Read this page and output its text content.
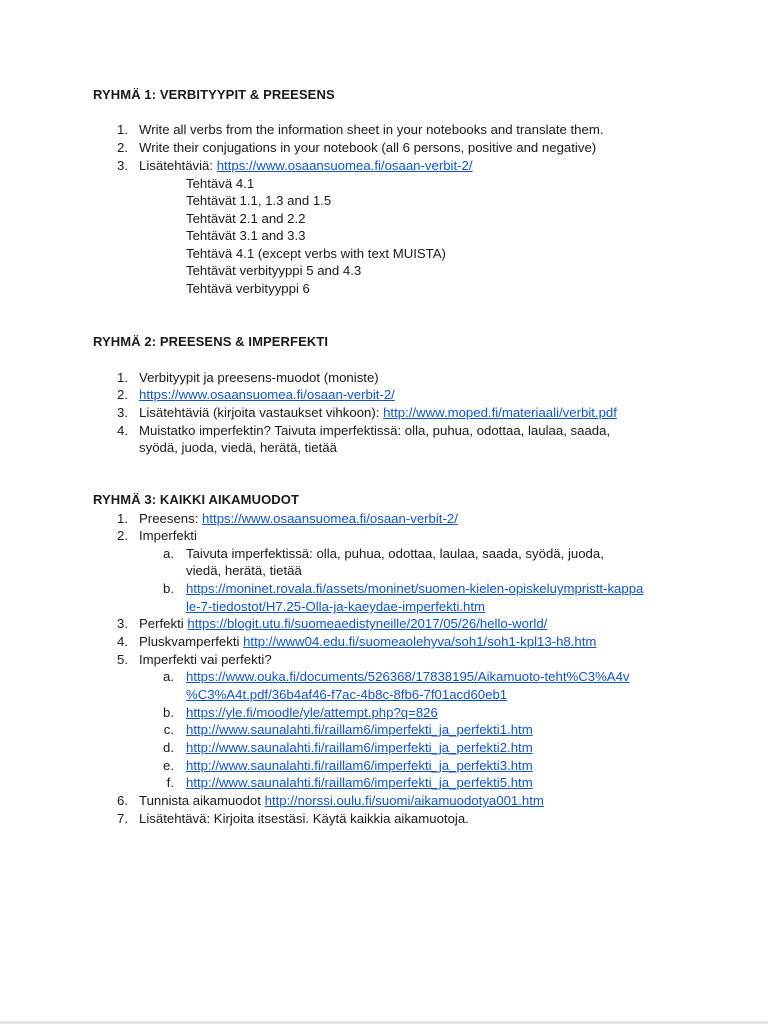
RYHMÄ 1: VERBITYYPIT & PREESENS
1. Write all verbs from the information sheet in your notebooks and translate them.
2. Write their conjugations in your notebook (all 6 persons, positive and negative)
3. Lisätehtäviä: https://www.osaansuomea.fi/osaan-verbit-2/
Tehtävä 4.1
Tehtävät 1.1, 1.3 and 1.5
Tehtävät 2.1 and 2.2
Tehtävät 3.1 and 3.3
Tehtävä 4.1 (except verbs with text MUISTA)
Tehtävät verbityyppi 5 and 4.3
Tehtävä verbityyppi 6
RYHMÄ 2: PREESENS & IMPERFEKTI
1. Verbityypit ja preesens-muodot (moniste)
2. https://www.osaansuomea.fi/osaan-verbit-2/
3. Lisätehtäviä (kirjoita vastaukset vihkoon): http://www.moped.fi/materiaali/verbit.pdf
4. Muistatko imperfektin? Taivuta imperfektissä: olla, puhua, odottaa, laulaa, saada,
syödä, juoda, viedä, herätä, tietää
RYHMÄ 3: KAIKKI AIKAMUODOT
1. Preesens: https://www.osaansuomea.fi/osaan-verbit-2/
2. Imperfekti
a. Taivuta imperfektissä: olla, puhua, odottaa, laulaa, saada, syödä, juoda,
viedä, herätä, tietää
b. https://moninet.rovala.fi/assets/moninet/suomen-kielen-opiskeluympristt-kappa
le-7-tiedostot/H7.25-Olla-ja-kaeydae-imperfekti.htm
3. Perfekti https://blogit.utu.fi/suomeaedistyneille/2017/05/26/hello-world/
4. Pluskvamperfekti http://www04.edu.fi/suomeaolehyva/soh1/soh1-kpl13-h8.htm
5. Imperfekti vai perfekti?
a. https://www.ouka.fi/documents/526368/17838195/Aikamuoto-teht%C3%A4v
%C3%A4t.pdf/36b4af46-f7ac-4b8c-8fb6-7f01acd60eb1
b. https://yle.fi/moodle/yle/attempt.php?q=826
c. http://www.saunalahti.fi/raillam6/imperfekti_ja_perfekti1.htm
d. http://www.saunalahti.fi/raillam6/imperfekti_ja_perfekti2.htm
e. http://www.saunalahti.fi/raillam6/imperfekti_ja_perfekti3.htm
f. http://www.saunalahti.fi/raillam6/imperfekti_ja_perfekti5.htm
6. Tunnista aikamuodot http://norssi.oulu.fi/suomi/aikamuodotya001.htm
7. Lisätehtävä: Kirjoita itsestäsi. Käytä kaikkia aikamuotoja.
